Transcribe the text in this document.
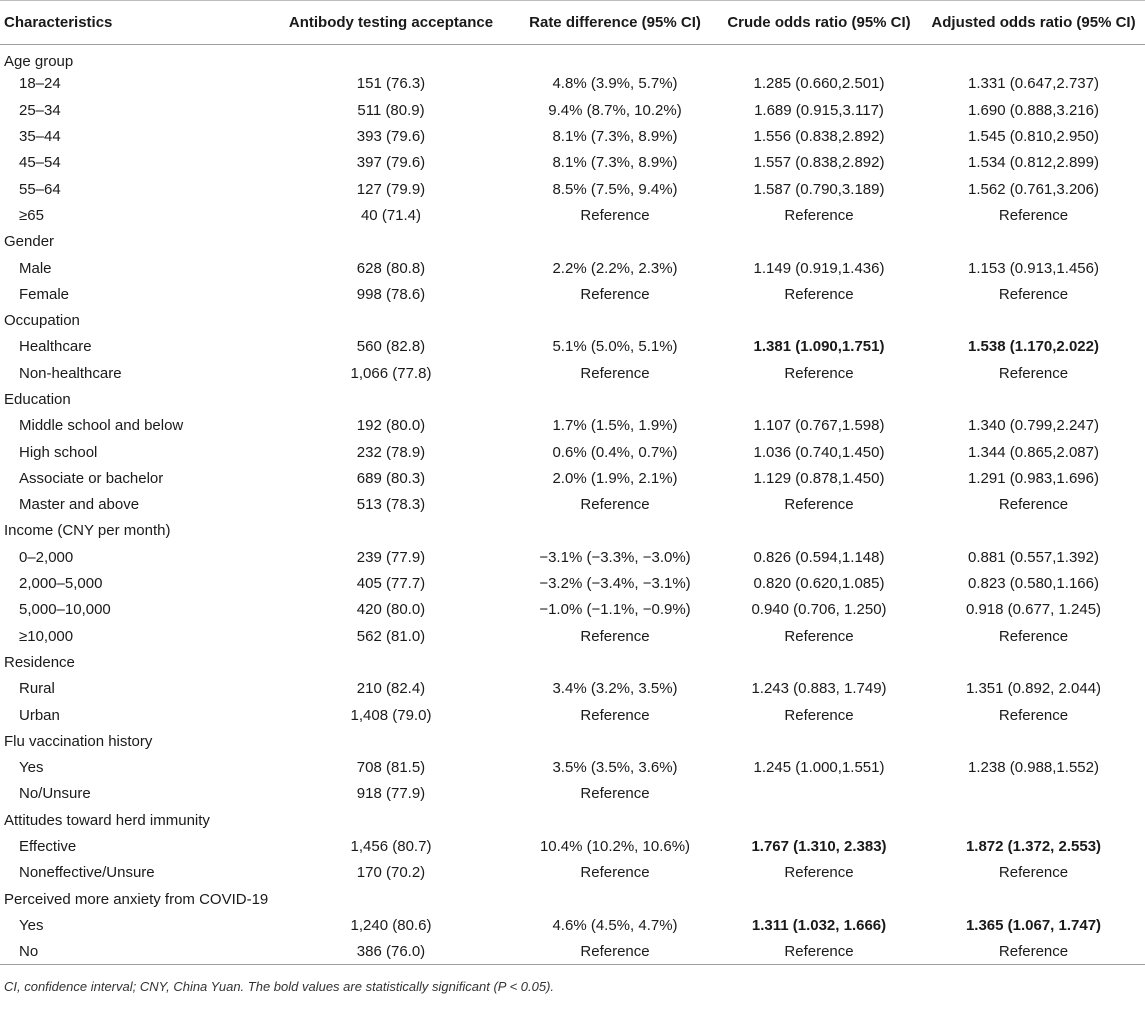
Characteristics	Antibody testing acceptance	Rate difference (95% CI)	Crude odds ratio (95% CI)	Adjusted odds ratio (95% CI)
Age group				
18–24	151 (76.3)	4.8% (3.9%, 5.7%)	1.285 (0.660,2.501)	1.331 (0.647,2.737)
25–34	511 (80.9)	9.4% (8.7%, 10.2%)	1.689 (0.915,3.117)	1.690 (0.888,3.216)
35–44	393 (79.6)	8.1% (7.3%, 8.9%)	1.556 (0.838,2.892)	1.545 (0.810,2.950)
45–54	397 (79.6)	8.1% (7.3%, 8.9%)	1.557 (0.838,2.892)	1.534 (0.812,2.899)
55–64	127 (79.9)	8.5% (7.5%, 9.4%)	1.587 (0.790,3.189)	1.562 (0.761,3.206)
≥65	40 (71.4)	Reference	Reference	Reference
Gender				
Male	628 (80.8)	2.2% (2.2%, 2.3%)	1.149 (0.919,1.436)	1.153 (0.913,1.456)
Female	998 (78.6)	Reference	Reference	Reference
Occupation				
Healthcare	560 (82.8)	5.1% (5.0%, 5.1%)	1.381 (1.090,1.751)	1.538 (1.170,2.022)
Non-healthcare	1,066 (77.8)	Reference	Reference	Reference
Education				
Middle school and below	192 (80.0)	1.7% (1.5%, 1.9%)	1.107 (0.767,1.598)	1.340 (0.799,2.247)
High school	232 (78.9)	0.6% (0.4%, 0.7%)	1.036 (0.740,1.450)	1.344 (0.865,2.087)
Associate or bachelor	689 (80.3)	2.0% (1.9%, 2.1%)	1.129 (0.878,1.450)	1.291 (0.983,1.696)
Master and above	513 (78.3)	Reference	Reference	Reference
Income (CNY per month)				
0–2,000	239 (77.9)	−3.1% (−3.3%, −3.0%)	0.826 (0.594,1.148)	0.881 (0.557,1.392)
2,000–5,000	405 (77.7)	−3.2% (−3.4%, −3.1%)	0.820 (0.620,1.085)	0.823 (0.580,1.166)
5,000–10,000	420 (80.0)	−1.0% (−1.1%, −0.9%)	0.940 (0.706, 1.250)	0.918 (0.677, 1.245)
≥10,000	562 (81.0)	Reference	Reference	Reference
Residence				
Rural	210 (82.4)	3.4% (3.2%, 3.5%)	1.243 (0.883, 1.749)	1.351 (0.892, 2.044)
Urban	1,408 (79.0)	Reference	Reference	Reference
Flu vaccination history				
Yes	708 (81.5)	3.5% (3.5%, 3.6%)	1.245 (1.000,1.551)	1.238 (0.988,1.552)
No/Unsure	918 (77.9)	Reference		
Attitudes toward herd immunity				
Effective	1,456 (80.7)	10.4% (10.2%, 10.6%)	1.767 (1.310, 2.383)	1.872 (1.372, 2.553)
Noneffective/Unsure	170 (70.2)	Reference	Reference	Reference
Perceived more anxiety from COVID-19				
Yes	1,240 (80.6)	4.6% (4.5%, 4.7%)	1.311 (1.032, 1.666)	1.365 (1.067, 1.747)
No	386 (76.0)	Reference	Reference	Reference
CI, confidence interval; CNY, China Yuan. The bold values are statistically significant (P < 0.05).
